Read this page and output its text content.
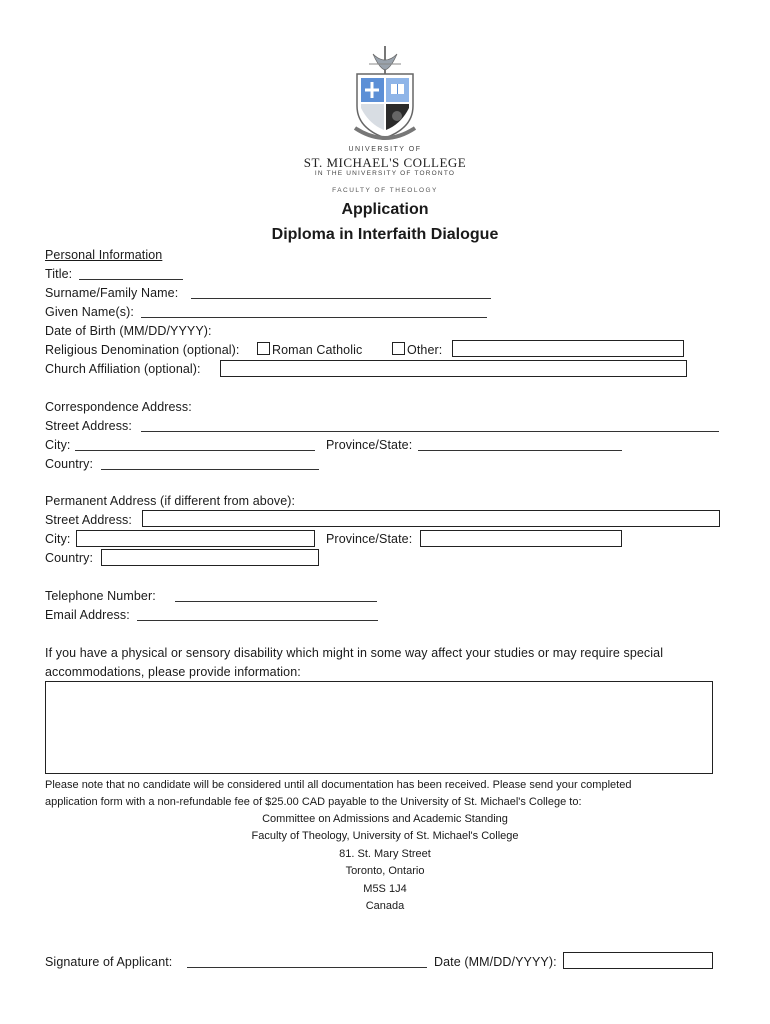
UNIVERSITY OF
ST. MICHAEL'S COLLEGE
IN THE UNIVERSITY OF TORONTO
FACULTY OF THEOLOGY
Application
Diploma in Interfaith Dialogue
Personal Information
Title:
Surname/Family Name:
Given Name(s):
Date of Birth (MM/DD/YYYY):
Religious Denomination (optional):	Roman Catholic	Other:
Church Affiliation (optional):
Correspondence Address:
Street Address:
City:	Province/State:
Country:
Permanent Address (if different from above):
Street Address:
City:	Province/State:
Country:
Telephone Number:
Email Address:
If you have a physical or sensory disability which might in some way affect your studies or may require special
accommodations, please provide information:
Please note that no candidate will be considered until all documentation has been received. Please send your completed
application form with a non-refundable fee of $25.00 CAD payable to the University of St. Michael's College to:
Committee on Admissions and Academic Standing
Faculty of Theology, University of St. Michael's College
81. St. Mary Street
Toronto, Ontario
M5S 1J4
Canada
Signature of Applicant:	Date (MM/DD/YYYY):
